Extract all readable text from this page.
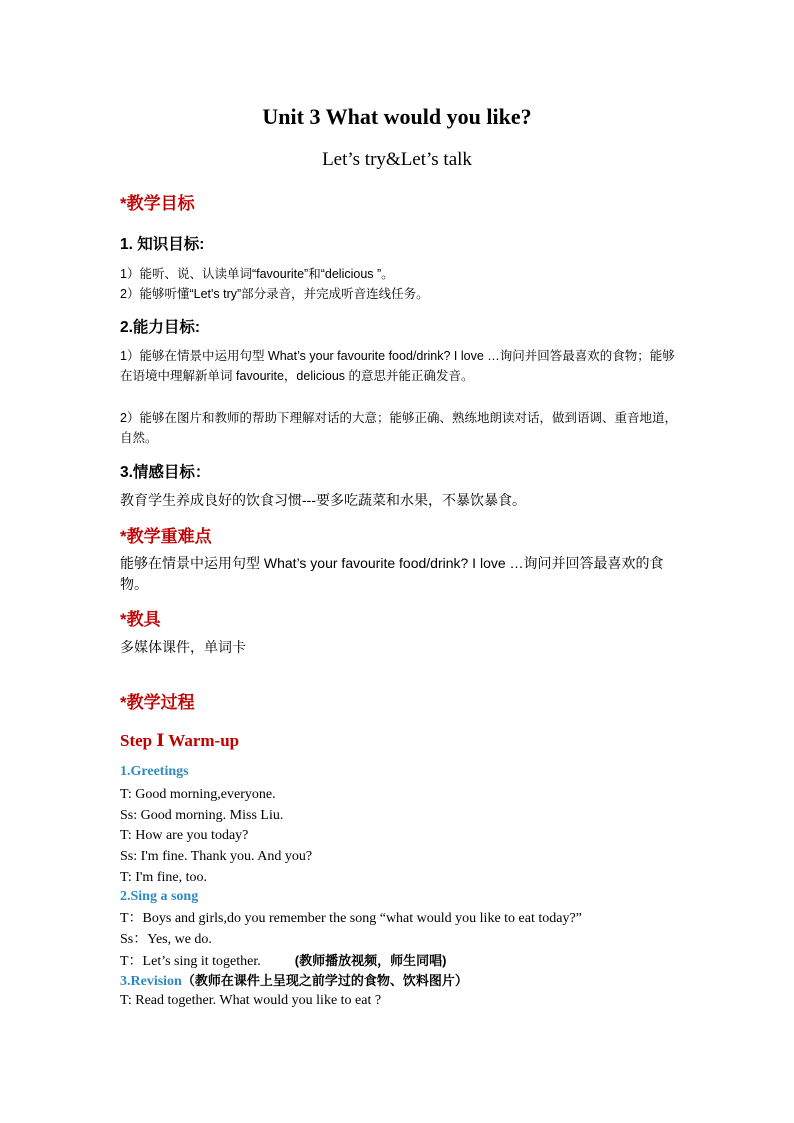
Unit 3 What would you like?
Let’s try&Let’s talk
*教学目标
1. 知识目标:
1）能听、说、认读单词“favourite”和“delicious ”。
2）能够听懂“Let's try”部分录音，并完成听音连线任务。
2.能力目标:
1）能够在情景中运用句型 What’s your favourite food/drink? I love …询问并回答最喜欢的食物；能够在语境中理解新单词 favourite，delicious 的意思并能正确发音。
2）能够在图片和教师的帮助下理解对话的大意；能够正确、熟练地朗读对话，做到语调、重音地道，自然。
3.情感目标：
教育学生养成良好的饮食习惯---要多吃蔬菜和水果，不暴饮暴食。
*教学重难点
能够在情景中运用句型 What’s your favourite food/drink? I love …询问并回答最喜欢的食物。
*教具
多媒体课件，单词卡
*教学过程
Step Ⅰ Warm-up
1.Greetings
T: Good morning,everyone.
Ss: Good morning. Miss Liu.
T: How are you today?
Ss: I'm fine. Thank you. And you?
T: I'm fine, too.
2.Sing a song
T：Boys and girls,do you remember the song “what would you like to eat today?”
Ss：Yes, we do.
T：Let’s sing it together.	(教师播放视频，师生同唱)
3.Revision（教师在课件上呈现之前学过的食物、饮料图片）
T: Read together. What would you like to eat ?
